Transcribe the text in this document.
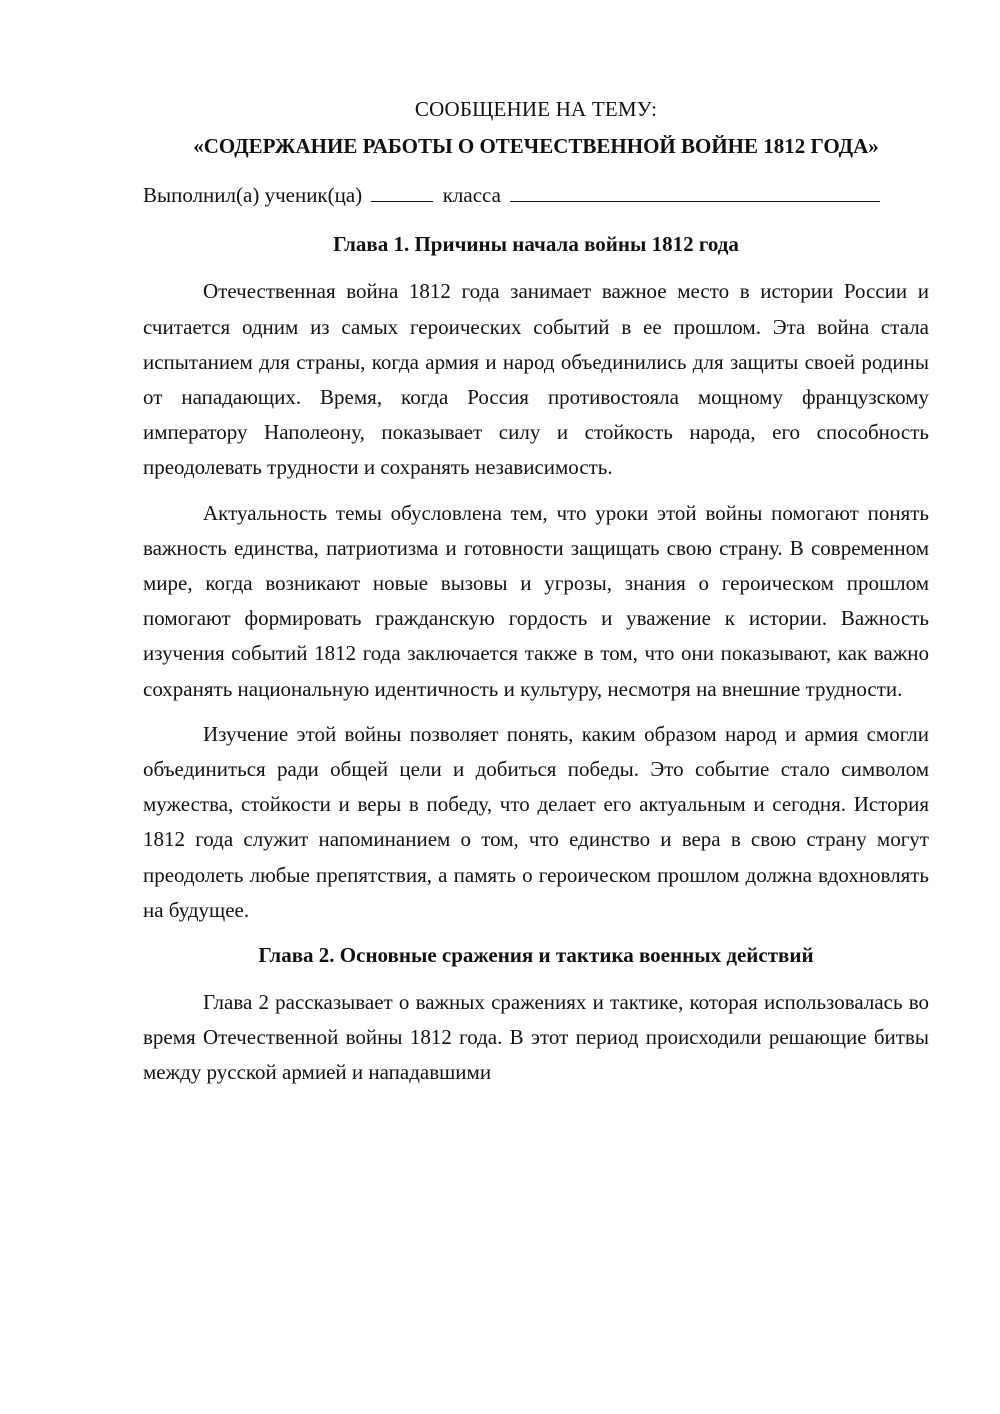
СООБЩЕНИЕ НА ТЕМУ:
«СОДЕРЖАНИЕ РАБОТЫ О ОТЕЧЕСТВЕННОЙ ВОЙНЕ 1812 ГОДА»
Выполнил(а) ученик(ца)	класса
Глава 1. Причины начала войны 1812 года

Отечественная война 1812 года занимает важное место в истории России и считается одним из самых героических событий в ее прошлом. Эта война стала испытанием для страны, когда армия и народ объединились для защиты своей родины от нападающих. Время, когда Россия противостояла мощному французскому императору Наполеону, показывает силу и стойкость народа, его способность преодолевать трудности и сохранять независимость.

Актуальность темы обусловлена тем, что уроки этой войны помогают понять важность единства, патриотизма и готовности защищать свою страну. В современном мире, когда возникают новые вызовы и угрозы, знания о героическом прошлом помогают формировать гражданскую гордость и уважение к истории. Важность изучения событий 1812 года заключается также в том, что они показывают, как важно сохранять национальную идентичность и культуру, несмотря на внешние трудности.

Изучение этой войны позволяет понять, каким образом народ и армия смогли объединиться ради общей цели и добиться победы. Это событие стало символом мужества, стойкости и веры в победу, что делает его актуальным и сегодня. История 1812 года служит напоминанием о том, что единство и вера в свою страну могут преодолеть любые препятствия, а память о героическом прошлом должна вдохновлять на будущее.

Глава 2. Основные сражения и тактика военных действий

Глава 2 рассказывает о важных сражениях и тактике, которая использовалась во время Отечественной войны 1812 года. В этот период происходили решающие битвы между русской армией и нападавшими
